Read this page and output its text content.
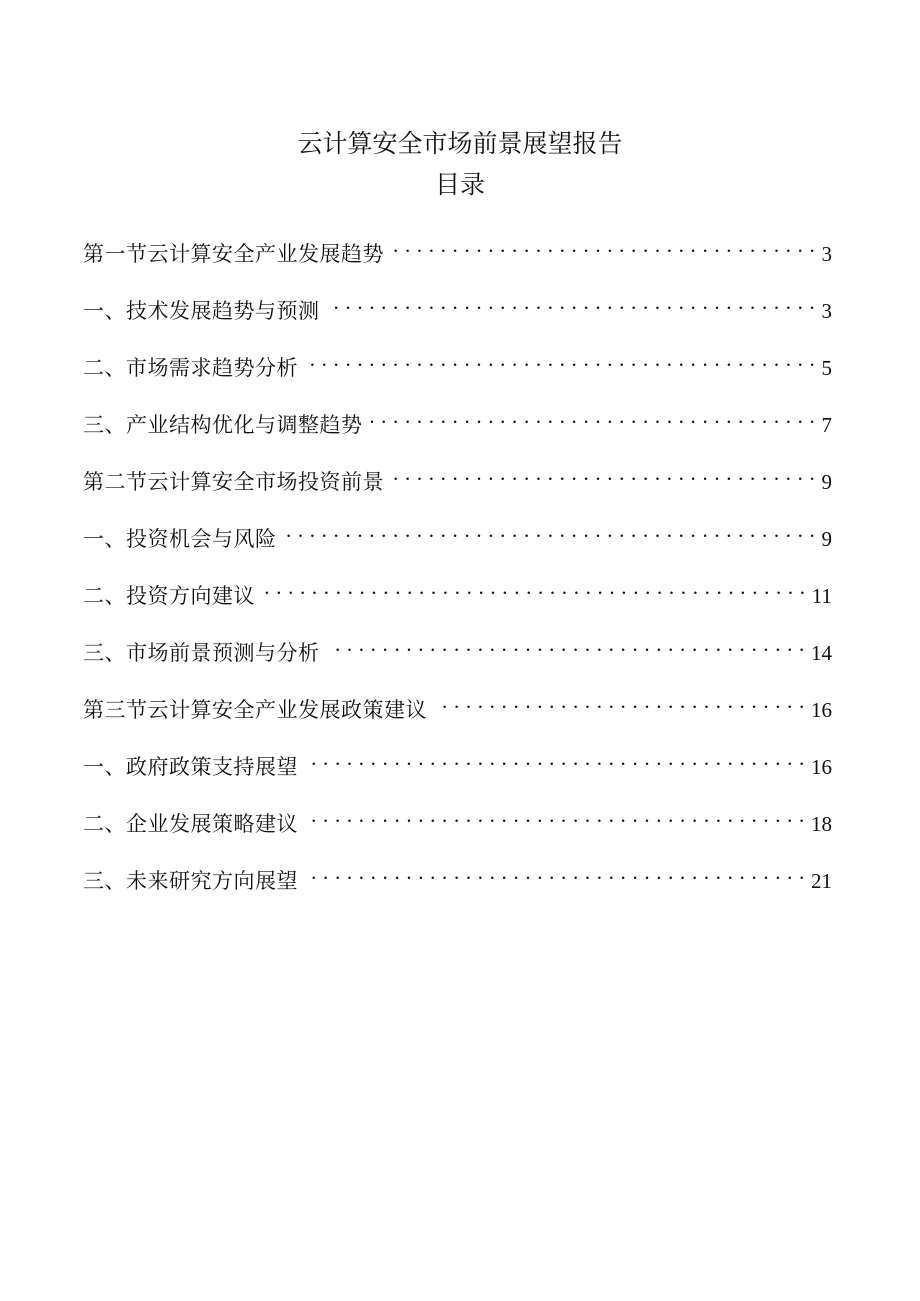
云计算安全市场前景展望报告
目录
第一节云计算安全产业发展趋势 . . .	3
一、技术发展趋势与预测 . . .	3
二、市场需求趋势分析 . . .	5
三、产业结构优化与调整趋势 . . .	7
第二节云计算安全市场投资前景 . . .	9
一、投资机会与风险 . . .	9
二、投资方向建议 . . .	11
三、市场前景预测与分析 . . .	14
第三节云计算安全产业发展政策建议 . . .	16
一、政府政策支持展望 . . .	16
二、企业发展策略建议 . . .	18
三、未来研究方向展望 . . .	21
